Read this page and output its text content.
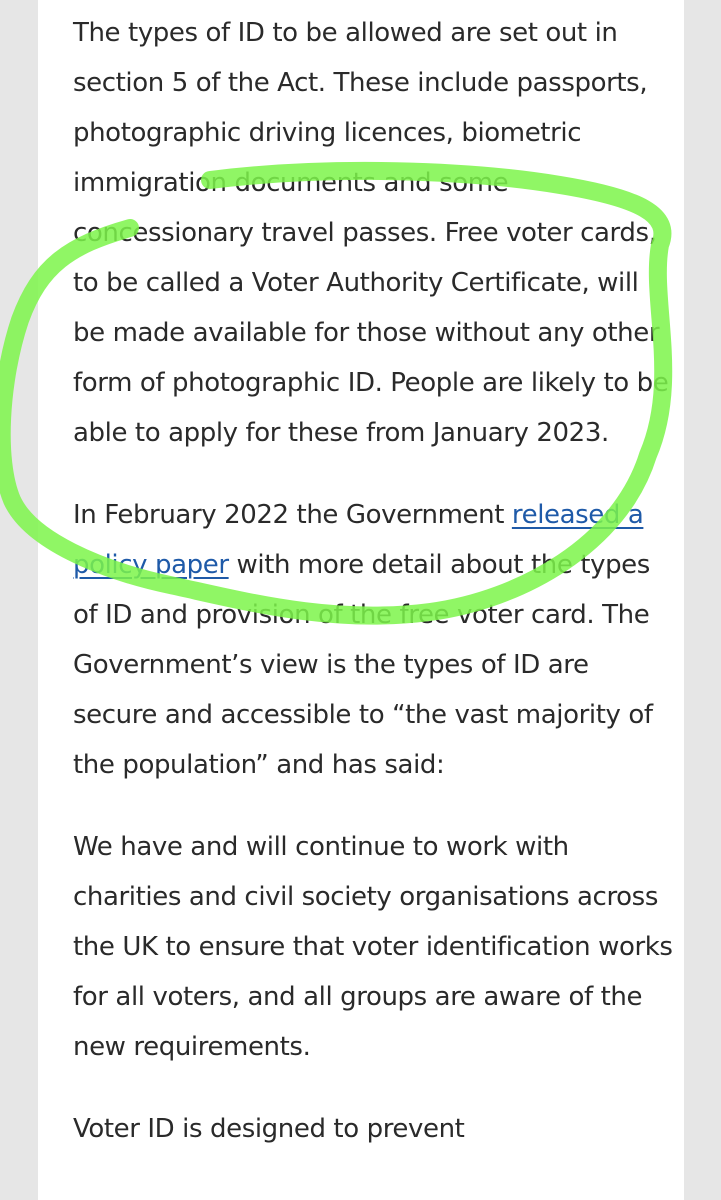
The types of ID to be allowed are set out in section 5 of the Act. These include passports, photographic driving licences, biometric immigration documents and some concessionary travel passes. Free voter cards, to be called a Voter Authority Certificate, will be made available for those without any other form of photographic ID. People are likely to be able to apply for these from January 2023.

In February 2022 the Government released a policy paper with more detail about the types of ID and provision of the free voter card. The Government’s view is the types of ID are secure and accessible to “the vast majority of the population” and has said:

We have and will continue to work with charities and civil society organisations across the UK to ensure that voter identification works for all voters, and all groups are aware of the new requirements.

Voter ID is designed to prevent
